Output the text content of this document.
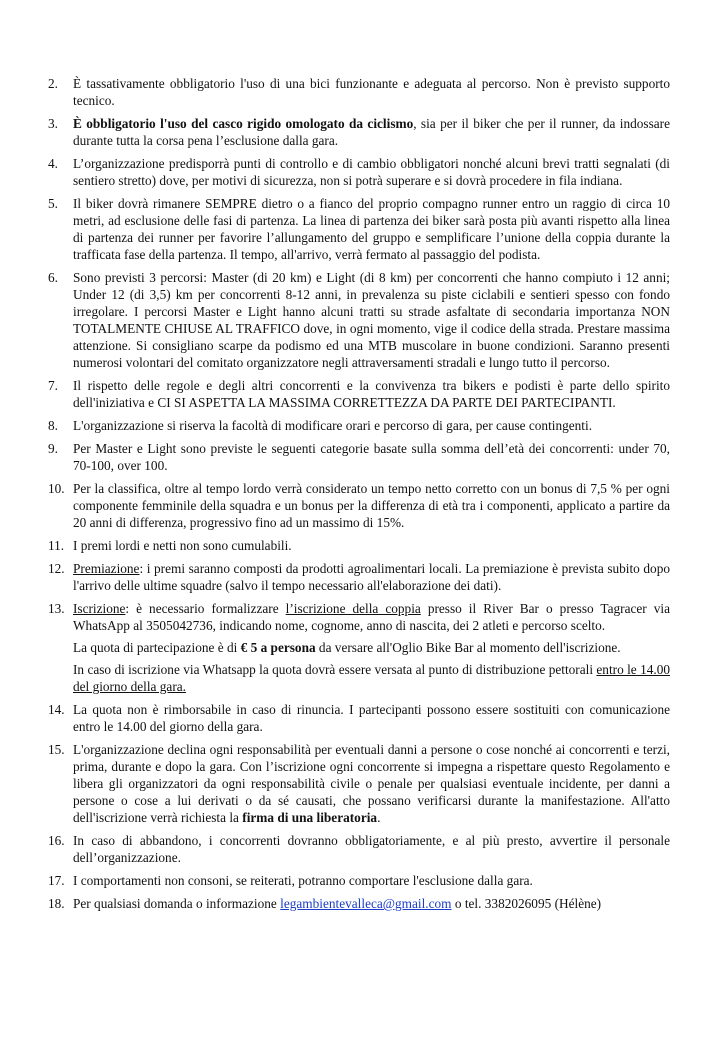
2.	È tassativamente obbligatorio l'uso di una bici funzionante e adeguata al percorso. Non è previsto supporto tecnico.
3.	È obbligatorio l'uso del casco rigido omologato da ciclismo, sia per il biker che per il runner, da indossare durante tutta la corsa pena l’esclusione dalla gara.
4.	L’organizzazione predisporrà punti di controllo e di cambio obbligatori nonché alcuni brevi tratti segnalati (di sentiero stretto) dove, per motivi di sicurezza, non si potrà superare e si dovrà procedere in fila indiana.
5.	Il biker dovrà rimanere SEMPRE dietro o a fianco del proprio compagno runner entro un raggio di circa 10 metri, ad esclusione delle fasi di partenza. La linea di partenza dei biker sarà posta più avanti rispetto alla linea di partenza dei runner per favorire l’allungamento del gruppo e semplificare l’unione della coppia durante la trafficata fase della partenza. Il tempo, all'arrivo, verrà fermato al passaggio del podista.
6.	Sono previsti 3 percorsi: Master (di 20 km) e Light (di 8 km) per concorrenti che hanno compiuto i 12 anni; Under 12 (di 3,5) km per concorrenti 8-12 anni, in prevalenza su piste ciclabili e sentieri spesso con fondo irregolare. I percorsi Master e Light hanno alcuni tratti su strade asfaltate di secondaria importanza NON TOTALMENTE CHIUSE AL TRAFFICO dove, in ogni momento, vige il codice della strada. Prestare massima attenzione. Si consigliano scarpe da podismo ed una MTB muscolare in buone condizioni. Saranno presenti numerosi volontari del comitato organizzatore negli attraversamenti stradali e lungo tutto il percorso.
7.	Il rispetto delle regole e degli altri concorrenti e la convivenza tra bikers e podisti è parte dello spirito dell'iniziativa e CI SI ASPETTA LA MASSIMA CORRETTEZZA DA PARTE DEI PARTECIPANTI.
8.	L'organizzazione si riserva la facoltà di modificare orari e percorso di gara, per cause contingenti.
9.	Per Master e Light sono previste le seguenti categorie basate sulla somma dell’età dei concorrenti: under 70, 70-100, over 100.
10. Per la classifica, oltre al tempo lordo verrà considerato un tempo netto corretto con un bonus di 7,5 % per ogni componente femminile della squadra e un bonus per la differenza di età tra i componenti, applicato a partire da 20 anni di differenza, progressivo fino ad un massimo di 15%.
11. I premi lordi e netti non sono cumulabili.
12. Premiazione: i premi saranno composti da prodotti agroalimentari locali. La premiazione è prevista subito dopo l'arrivo delle ultime squadre (salvo il tempo necessario all'elaborazione dei dati).
13. Iscrizione: è necessario formalizzare l’iscrizione della coppia presso il River Bar o presso Tagracer via WhatsApp al 3505042736, indicando nome, cognome, anno di nascita, dei 2 atleti e percorso scelto.

La quota di partecipazione è di € 5 a persona da versare all'Oglio Bike Bar al momento dell'iscrizione.

In caso di iscrizione via Whatsapp la quota dovrà essere versata al punto di distribuzione pettorali entro le 14.00 del giorno della gara.

14. La quota non è rimborsabile in caso di rinuncia. I partecipanti possono essere sostituiti con comunicazione entro le 14.00 del giorno della gara.
15. L'organizzazione declina ogni responsabilità per eventuali danni a persone o cose nonché ai concorrenti e terzi, prima, durante e dopo la gara. Con l’iscrizione ogni concorrente si impegna a rispettare questo Regolamento e libera gli organizzatori da ogni responsabilità civile o penale per qualsiasi eventuale incidente, per danni a persone o cose a lui derivati o da sé causati, che possano verificarsi durante la manifestazione. All'atto dell'iscrizione verrà richiesta la firma di una liberatoria.
16. In caso di abbandono, i concorrenti dovranno obbligatoriamente, e al più presto, avvertire il personale dell’organizzazione.
17. I comportamenti non consoni, se reiterati, potranno comportare l'esclusione dalla gara.
18. Per qualsiasi domanda o informazione legambientevalleca@gmail.com o tel. 3382026095 (Hélène)
